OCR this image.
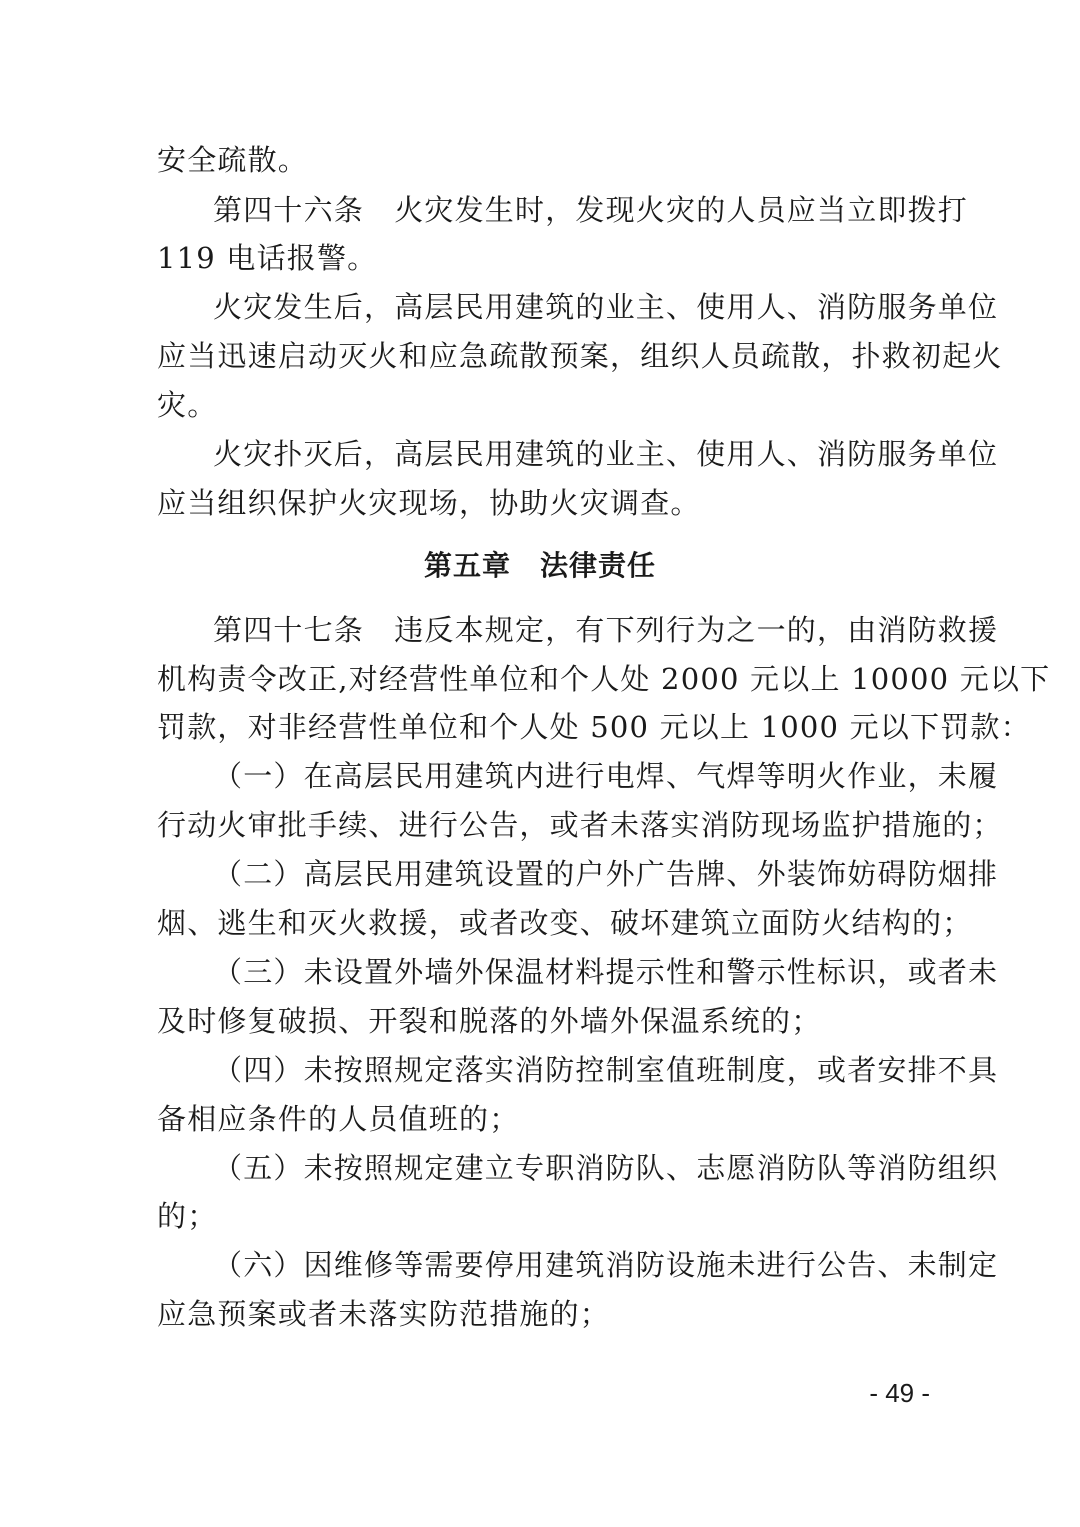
安全疏散。
第四十六条　火灾发生时，发现火灾的人员应当立即拨打
119 电话报警。
火灾发生后，高层民用建筑的业主、使用人、消防服务单位
应当迅速启动灭火和应急疏散预案，组织人员疏散，扑救初起火
灾。
火灾扑灭后，高层民用建筑的业主、使用人、消防服务单位
应当组织保护火灾现场，协助火灾调查。
第五章　法律责任
第四十七条　违反本规定，有下列行为之一的，由消防救援
机构责令改正,对经营性单位和个人处 2000 元以上 10000 元以下
罚款，对非经营性单位和个人处 500 元以上 1000 元以下罚款：
（一）在高层民用建筑内进行电焊、气焊等明火作业，未履
行动火审批手续、进行公告，或者未落实消防现场监护措施的；
（二）高层民用建筑设置的户外广告牌、外装饰妨碍防烟排
烟、逃生和灭火救援，或者改变、破坏建筑立面防火结构的；
（三）未设置外墙外保温材料提示性和警示性标识，或者未
及时修复破损、开裂和脱落的外墙外保温系统的；
（四）未按照规定落实消防控制室值班制度，或者安排不具
备相应条件的人员值班的；
（五）未按照规定建立专职消防队、志愿消防队等消防组织
的；
（六）因维修等需要停用建筑消防设施未进行公告、未制定
应急预案或者未落实防范措施的；
- 49 -
